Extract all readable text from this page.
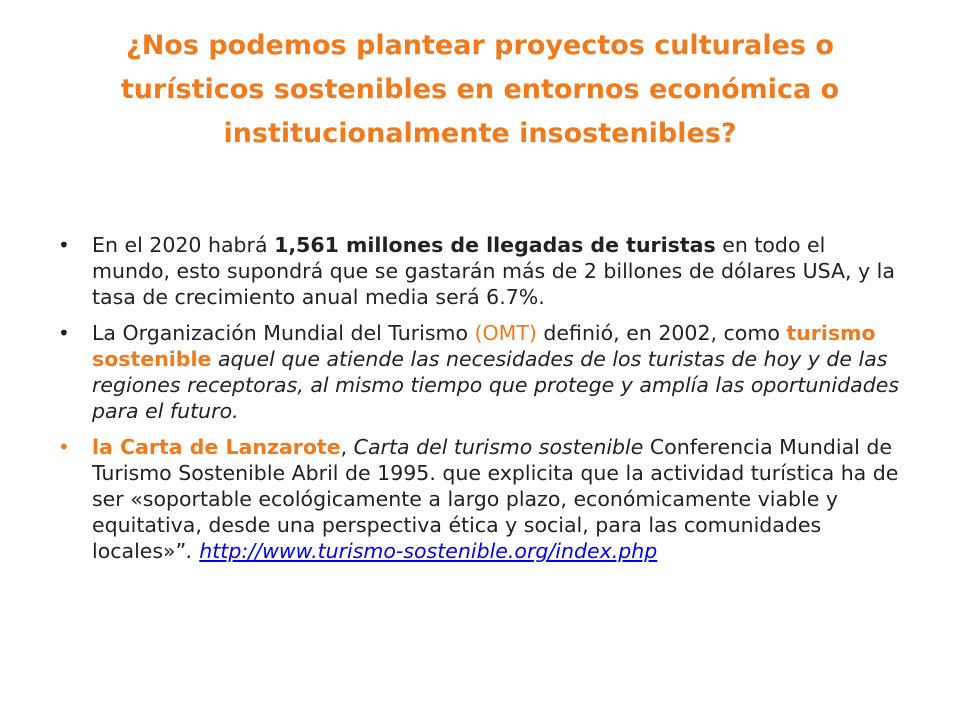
¿Nos podemos plantear proyectos culturales o
turísticos sostenibles en entornos económica o
institucionalmente insostenibles?
• En el 2020 habrá 1,561 millones de llegadas de turistas en todo el mundo, esto supondrá que se gastarán más de 2 billones de dólares USA, y la tasa de crecimiento anual media será 6.7%.
• La Organización Mundial del Turismo (OMT) definió, en 2002, como turismo sostenible aquel que atiende las necesidades de los turistas de hoy y de las regiones receptoras, al mismo tiempo que protege y amplía las oportunidades para el futuro.
• la Carta de Lanzarote, Carta del turismo sostenible Conferencia Mundial de Turismo Sostenible Abril de 1995. que explicita que la actividad turística ha de ser «soportable ecológicamente a largo plazo, económicamente viable y equitativa, desde una perspectiva ética y social, para las comunidades locales»”. http://www.turismo-sostenible.org/index.php
